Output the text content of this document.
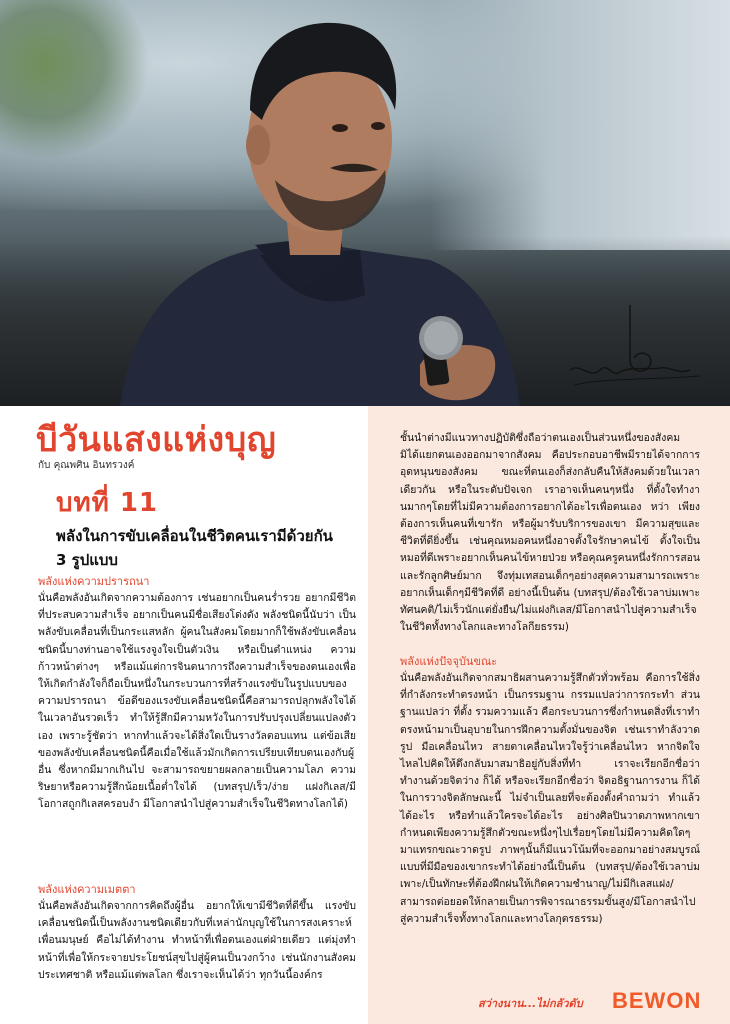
บีวันแสงแห่งบุญ
กับ คุณพศิน อินทรวงค์
บทที่ 11
พลังในการขับเคลื่อนในชีวิตคนเรามีด้วยกัน 3 รูปแบบ
พลังแห่งความปรารถนา
นั่นคือพลังอันเกิดจากความต้องการ เช่นอยากเป็นคนร่ำรวย อยากมีชีวิตที่ประสบความสำเร็จ อยากเป็นคนมีชื่อเสียงโด่งดัง พลังชนิดนี้นับว่า เป็นพลังขับเคลื่อนที่เป็นกระแสหลัก ผู้คนในสังคมโดยมากก็ใช้พลังขับเคลื่อนชนิดนี้บางท่านอาจใช้แรงจูงใจเป็นตัวเงิน หรือเป็นตำแหน่ง ความก้าวหน้าต่างๆ หรือแม้แต่การจินตนาการถึงความสำเร็จของตนเองเพื่อให้เกิดกำลังใจก็ถือเป็นหนึ่งในกระบวนการที่สร้างแรงขับในรูปแบบของความปรารถนา ข้อดีของแรงขับเคลื่อนชนิดนี้คือสามารถปลุกพลังใจได้ในเวลาอันรวดเร็ว ทำให้รู้สึกมีความหวังในการปรับปรุงเปลี่ยนแปลงตัวเอง เพราะรู้ชัดว่า หากทำแล้วจะได้สิ่งใดเป็นรางวัลตอบแทน แต่ข้อเสียของพลังขับเคลื่อนชนิดนี้คือเมื่อใช้แล้วมักเกิดการเปรียบเทียบตนเองกับผู้อื่น ซึ่งหากมีมากเกินไป จะสามารถขยายผลกลายเป็นความโลภ ความริษยาหรือความรู้สึกน้อยเนื้อต่ำใจได้ (บทสรุป/เร็ว/ง่าย แฝงกิเลส/มีโอกาสถูกกิเลสครอบงำ มีโอกาสนำไปสู่ความสำเร็จในชีวิตทางโลกได้)
พลังแห่งความเมตตา
นั่นคือพลังอันเกิดจากการคิดถึงผู้อื่น อยากให้เขามีชีวิตที่ดีขึ้น แรงขับเคลื่อนชนิดนี้เป็นพลังงานชนิดเดียวกับที่เหล่านักบุญใช้ในการสงเคราะห์เพื่อนมนุษย์ คือไม่ได้ทำงาน ทำหน้าที่เพื่อตนเองแต่ฝ่ายเดียว แต่มุ่งทำหน้าที่เพื่อให้กระจายประโยชน์สุขไปสู่ผู้คนเป็นวงกว้าง เช่นนักงานสังคมประเทศชาติ หรือแม้แต่พลโลก ซึ่งเราจะเห็นได้ว่า ทุกวันนี้องค์กร
ชั้นนำต่างมีแนวทางปฏิบัติซึ่งถือว่าตนเองเป็นส่วนหนึ่งของสังคม มิได้แยกตนเองออกมาจากสังคม คือประกอบอาชีพมีรายได้จากการอุดหนุนของสังคม ขณะที่ตนเองก็ส่งกลับคืนให้สังคมด้วยในเวลาเดียวกัน หรือในระดับปัจเจก เราอาจเห็นคนๆหนึ่ง ที่ตั้งใจทำงานมากๆโดยที่ไม่มีความต้องการอยากได้อะไรเพื่อตนเอง หว่า เพียงต้องการเห็นคนที่เขารัก หรือผู้มารับบริการของเขา มีความสุขและชีวิตที่ดียิ่งขึ้น เช่นคุณหมอคนหนึ่งอาจตั้งใจรักษาคนไข้ ตั้งใจเป็นหมอที่ดีเพราะอยากเห็นคนไข้หายป่วย หรือคุณครูคนหนึ่งรักการสอนและรักลูกศิษย์มาก จึงทุ่มเทสอนเด็กๆอย่างสุดความสามารถเพราะอยากเห็นเด็กๆมีชีวิตที่ดี อย่างนี้เป็นต้น (บทสรุป/ต้องใช้เวลาบ่มเพาะทัศนคติ/ไม่เร็วนักแต่ยั่งยืน/ไม่แฝงกิเลส/มีโอกาสนำไปสู่ความสำเร็จในชีวิตทั้งทางโลกและทางโลกียธรรม)
พลังแห่งปัจจุบันขณะ
นั่นคือพลังอันเกิดจากสมาธิผสานความรู้สึกตัวทั่วพร้อม คือการใช้สิ่งที่กำลังกระทำตรงหน้า เป็นกรรมฐาน กรรมแปลว่าการกระทำ ส่วนฐานแปลว่า ที่ตั้ง รวมความแล้ว คือกระบวนการซึ่งกำหนดสิ่งที่เราทำตรงหน้ามาเป็นอุบายในการฝึกความตั้งมั่นของจิต เช่นเราทำลังวาดรูป มือเคลื่อนไหว สายตาเคลื่อนไหวใจรู้ว่าเคลื่อนไหว หากจิตใจไหลไปคิดให้ดึงกลับมาสมาธิอยู่กับสิ่งที่ทำ เราจะเรียกอีกชื่อว่าทำงานด้วยจิตว่าง ก็ได้ หรือจะเรียกอีกชื่อว่า จิตอธิฐานการงาน ก็ได้ ในการวางจิตลักษณะนี้ ไม่จำเป็นเลยที่จะต้องตั้งคำถามว่า ทำแล้วได้อะไร หรือทำแล้วใครจะได้อะไร อย่างศิลปินวาดภาพหากเขากำหนดเพียงความรู้สึกตัวขณะหนึ่งๆไปเรื่อยๆโดยไม่มีความคิดใดๆมาแทรกขณะวาดรูป ภาพๆนั้นก็มีแนวโน้มที่จะออกมาอย่างสมบูรณ์แบบที่มีมือของเขากระทำได้อย่างนี้เป็นต้น (บทสรุป/ต้องใช้เวลาบ่มเพาะ/เป็นทักษะที่ต้องฝึกฝนให้เกิดความชำนาญ/ไม่มีกิเลสแฝง/สามารถต่อยอดให้กลายเป็นการพิจารณาธรรมขั้นสูง/มีโอกาสนำไปสู่ความสำเร็จทั้งทางโลกและทางโลกุตรธรรม)
สว่างนาน...ไม่กลัวดับ BEWON
